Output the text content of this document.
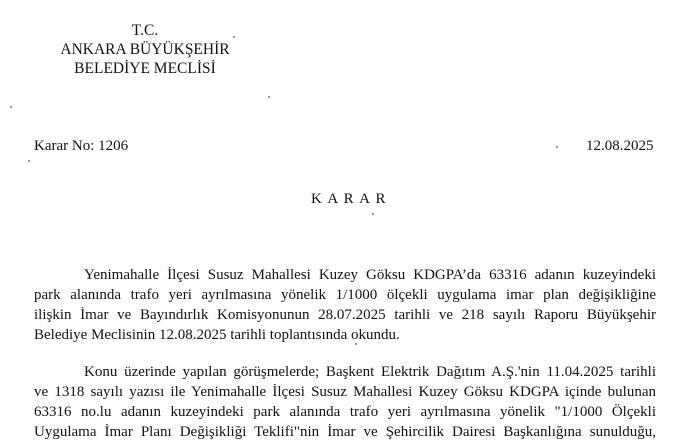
T.C.
ANKARA BÜYÜKŞEHİR
BELEDİYE MECLİSİ
Karar No: 1206	12.08.2025
KARAR
Yenimahalle İlçesi Susuz Mahallesi Kuzey Göksu KDGPA’da 63316 adanın kuzeyindeki
park alanında trafo yeri ayrılmasına yönelik 1/1000 ölçekli uygulama imar plan değişikliğine
ilişkin İmar ve Bayındırlık Komisyonunun 28.07.2025 tarihli ve 218 sayılı Raporu Büyükşehir
Belediye Meclisinin 12.08.2025 tarihli toplantısında okundu.
Konu üzerinde yapılan görüşmelerde; Başkent Elektrik Dağıtım A.Ş.'nin 11.04.2025 tarihli
ve 1318 sayılı yazısı ile Yenimahalle İlçesi Susuz Mahallesi Kuzey Göksu KDGPA içinde bulunan
63316 no.lu adanın kuzeyindeki park alanında trafo yeri ayrılmasına yönelik "1/1000 Ölçekli
Uygulama İmar Planı Değişikliği Teklifi"nin İmar ve Şehircilik Dairesi Başkanlığına sunulduğu,
